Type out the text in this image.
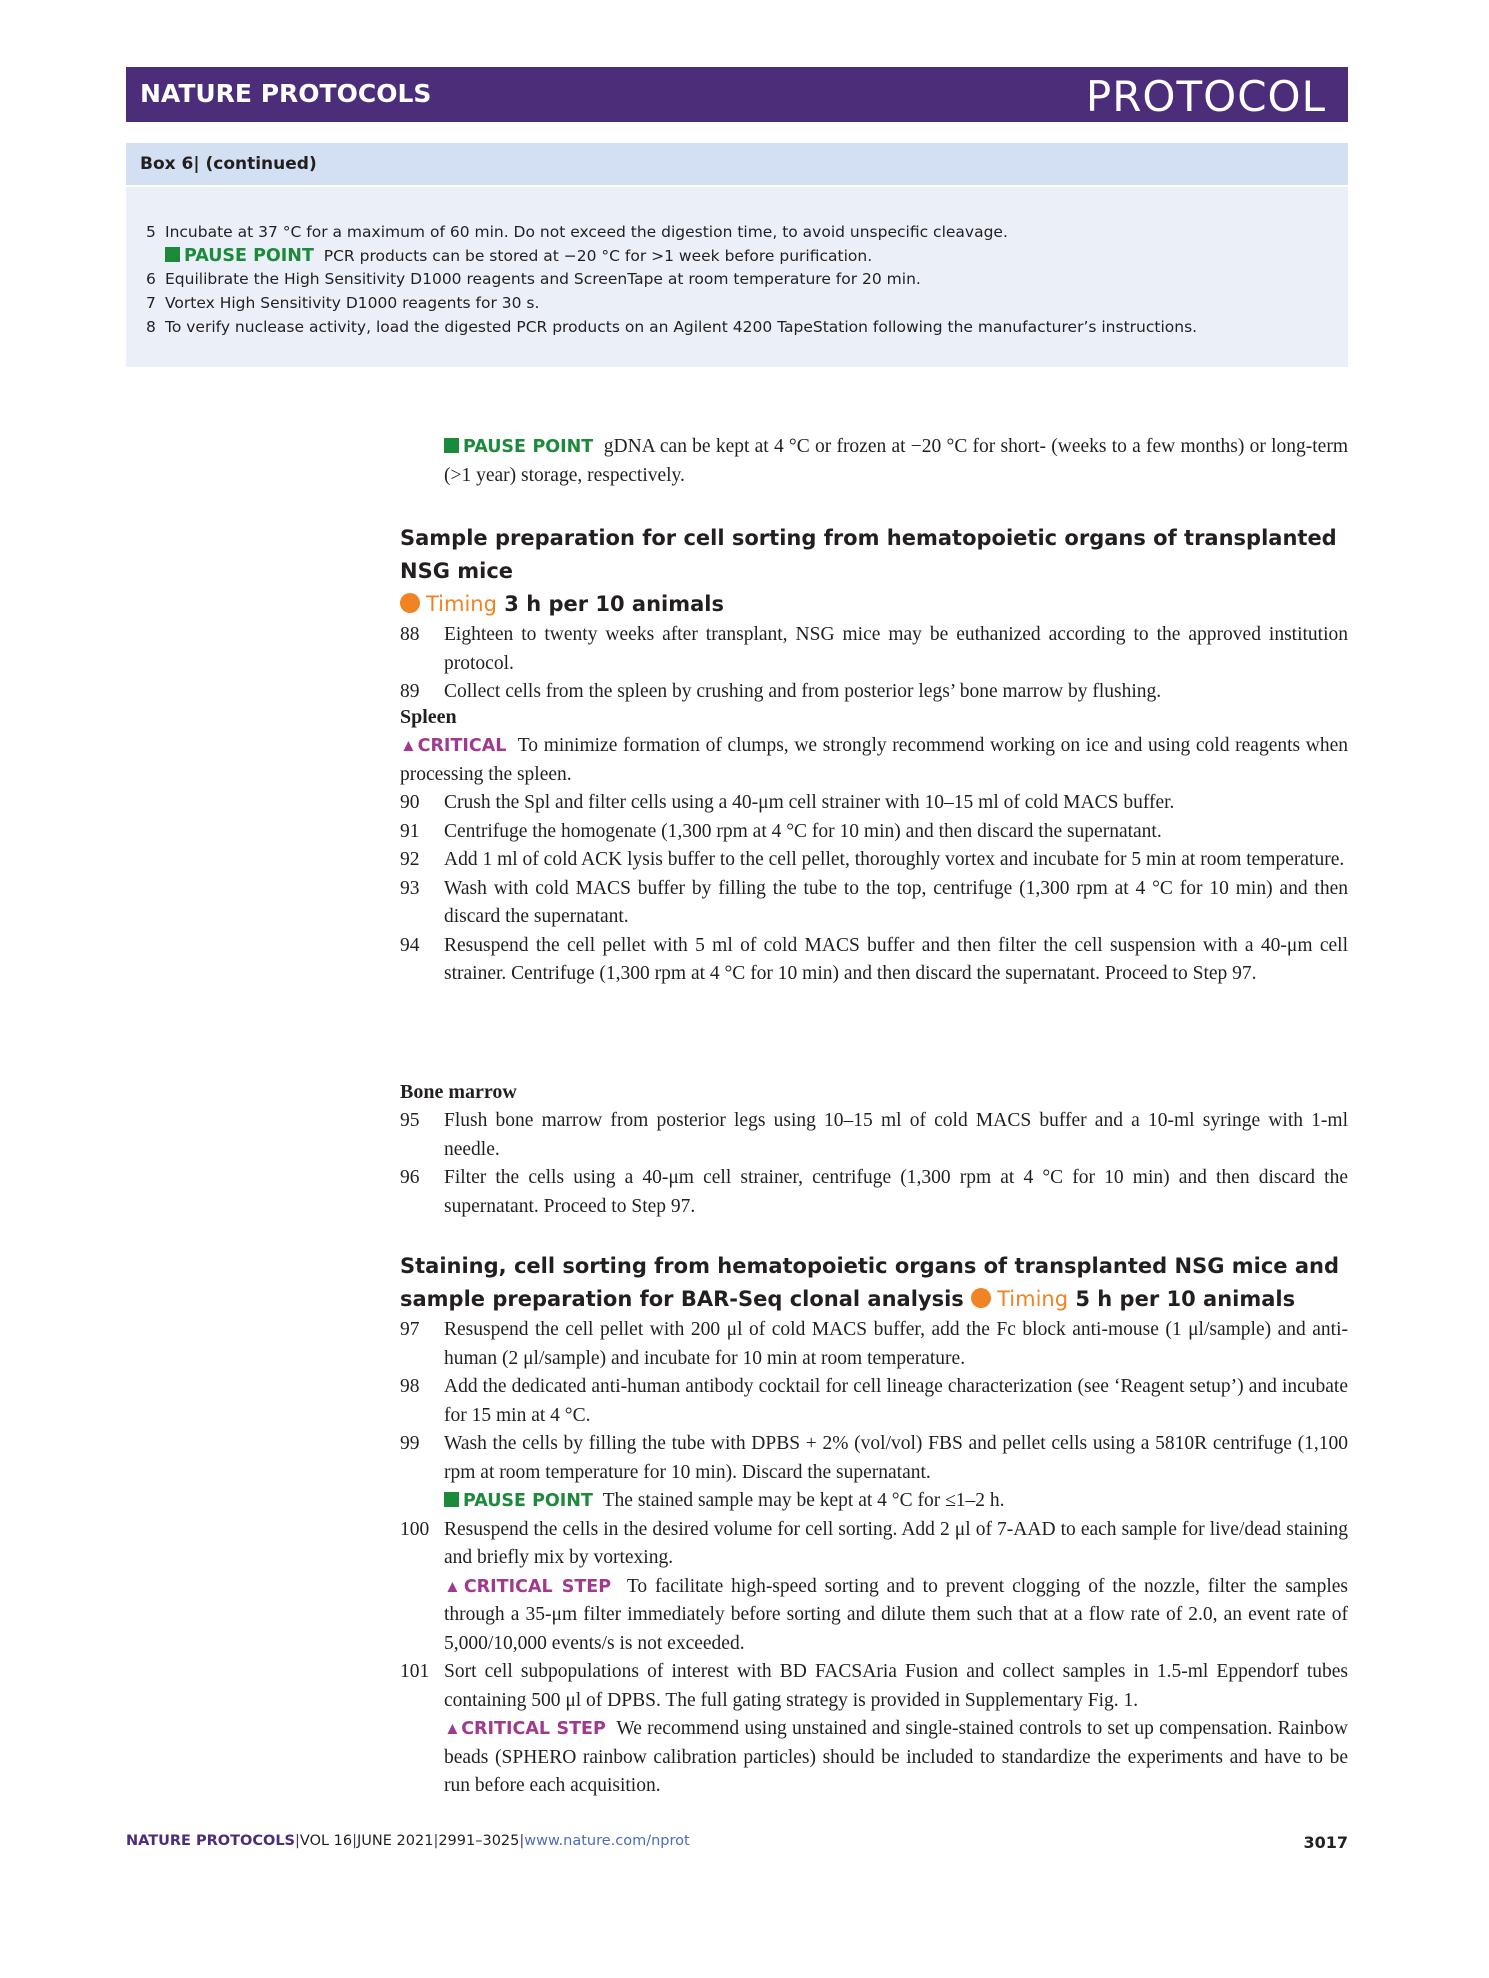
NATURE PROTOCOLS	PROTOCOL
Box 6| (continued)
5 Incubate at 37 °C for a maximum of 60 min. Do not exceed the digestion time, to avoid unspecific cleavage.
PAUSE POINT PCR products can be stored at −20 °C for >1 week before purification.
6 Equilibrate the High Sensitivity D1000 reagents and ScreenTape at room temperature for 20 min.
7 Vortex High Sensitivity D1000 reagents for 30 s.
8 To verify nuclease activity, load the digested PCR products on an Agilent 4200 TapeStation following the manufacturer’s instructions.

PAUSE POINT gDNA can be kept at 4 °C or frozen at −20 °C for short- (weeks to a few months) or long-term (>1 year) storage, respectively.

Sample preparation for cell sorting from hematopoietic organs of transplanted NSG mice
Timing 3 h per 10 animals

88	Eighteen to twenty weeks after transplant, NSG mice may be euthanized according to the approved institution protocol.
89	Collect cells from the spleen by crushing and from posterior legs’ bone marrow by flushing.

Spleen

▲CRITICAL To minimize formation of clumps, we strongly recommend working on ice and using cold reagents when processing the spleen.

90	Crush the Spl and filter cells using a 40-μm cell strainer with 10–15 ml of cold MACS buffer.
91	Centrifuge the homogenate (1,300 rpm at 4 °C for 10 min) and then discard the supernatant.
92	Add 1 ml of cold ACK lysis buffer to the cell pellet, thoroughly vortex and incubate for 5 min at room temperature.
93	Wash with cold MACS buffer by filling the tube to the top, centrifuge (1,300 rpm at 4 °C for 10 min) and then discard the supernatant.
94	Resuspend the cell pellet with 5 ml of cold MACS buffer and then filter the cell suspension with a 40-μm cell strainer. Centrifuge (1,300 rpm at 4 °C for 10 min) and then discard the supernatant. Proceed to Step 97.

Bone marrow

95	Flush bone marrow from posterior legs using 10–15 ml of cold MACS buffer and a 10-ml syringe with 1-ml needle.
96	Filter the cells using a 40-μm cell strainer, centrifuge (1,300 rpm at 4 °C for 10 min) and then discard the supernatant. Proceed to Step 97.

Staining, cell sorting from hematopoietic organs of transplanted NSG mice and sample preparation for BAR-Seq clonal analysis Timing 5 h per 10 animals

97	Resuspend the cell pellet with 200 μl of cold MACS buffer, add the Fc block anti-mouse (1 μl/sample) and anti-human (2 μl/sample) and incubate for 10 min at room temperature.
98	Add the dedicated anti-human antibody cocktail for cell lineage characterization (see ‘Reagent setup’) and incubate for 15 min at 4 °C.
99	Wash the cells by filling the tube with DPBS + 2% (vol/vol) FBS and pellet cells using a 5810R centrifuge (1,100 rpm at room temperature for 10 min). Discard the supernatant.
PAUSE POINT The stained sample may be kept at 4 °C for ≤1–2 h.
100 Resuspend the cells in the desired volume for cell sorting. Add 2 μl of 7-AAD to each sample for live/dead staining and briefly mix by vortexing.
▲CRITICAL STEP To facilitate high-speed sorting and to prevent clogging of the nozzle, filter the samples through a 35-μm filter immediately before sorting and dilute them such that at a flow rate of 2.0, an event rate of 5,000/10,000 events/s is not exceeded.
101 Sort cell subpopulations of interest with BD FACSAria Fusion and collect samples in 1.5-ml Eppendorf tubes containing 500 μl of DPBS. The full gating strategy is provided in Supplementary Fig. 1.
▲CRITICAL STEP We recommend using unstained and single-stained controls to set up compensation. Rainbow beads (SPHERO rainbow calibration particles) should be included to standardize the experiments and have to be run before each acquisition.
NATURE PROTOCOLS|VOL 16|JUNE 2021|2991–3025|www.nature.com/nprot	3017
